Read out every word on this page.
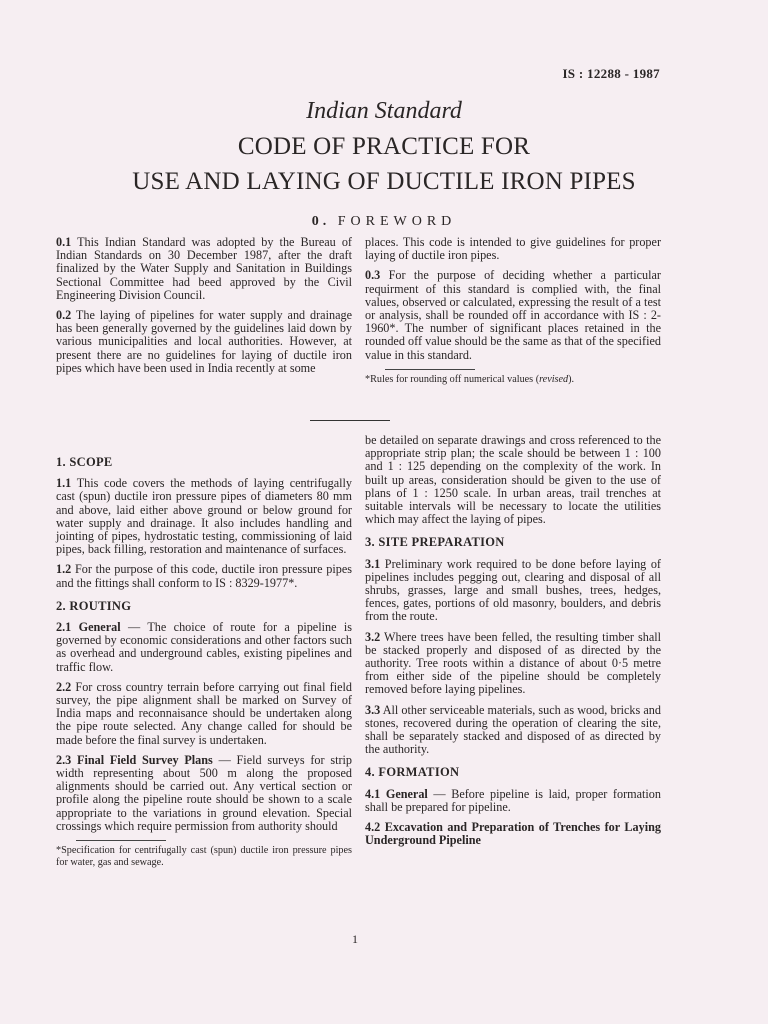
IS : 12288 - 1987

Indian Standard

CODE OF PRACTICE FOR
USE AND LAYING OF DUCTILE IRON PIPES
0. FOREWORD

0.1 This Indian Standard was adopted by the Bureau of Indian Standards on 30 December 1987, after the draft finalized by the Water Supply and Sanitation in Buildings Sectional Committee had beed approved by the Civil Engineering Division Council.

0.2 The laying of pipelines for water supply and drainage has been generally governed by the guidelines laid down by various municipalities and local authorities. However, at present there are no guidelines for laying of ductile iron pipes which have been used in India recently at some

places. This code is intended to give guidelines for proper laying of ductile iron pipes.

0.3 For the purpose of deciding whether a particular requirment of this standard is complied with, the final values, observed or calculated, expressing the result of a test or analysis, shall be rounded off in accordance with IS : 2-1960*. The number of significant places retained in the rounded off value should be the same as that of the specified value in this standard.

*Rules for rounding off numerical values (revised).
1. SCOPE

1.1 This code covers the methods of laying centrifugally cast (spun) ductile iron pressure pipes of diameters 80 mm and above, laid either above ground or below ground for water supply and drainage. It also includes handling and jointing of pipes, hydrostatic testing, commissioning of laid pipes, back filling, restoration and maintenance of surfaces.

1.2 For the purpose of this code, ductile iron pressure pipes and the fittings shall conform to IS : 8329-1977*.

2. ROUTING

2.1 General — The choice of route for a pipeline is governed by economic considerations and other factors such as overhead and underground cables, existing pipelines and traffic flow.

2.2 For cross country terrain before carrying out final field survey, the pipe alignment shall be marked on Survey of India maps and reconnaisance should be undertaken along the pipe route selected. Any change called for should be made before the final survey is undertaken.

2.3 Final Field Survey Plans — Field surveys for strip width representing about 500 m along the proposed alignments should be carried out. Any vertical section or profile along the pipeline route should be shown to a scale appropriate to the variations in ground elevation. Special crossings which require permission from authority should

*Specification for centrifugally cast (spun) ductile iron pressure pipes for water, gas and sewage.

be detailed on separate drawings and cross referenced to the appropriate strip plan; the scale should be between 1 : 100 and 1 : 125 depending on the complexity of the work. In built up areas, consideration should be given to the use of plans of 1 : 1250 scale. In urban areas, trail trenches at suitable intervals will be necessary to locate the utilities which may affect the laying of pipes.

3. SITE PREPARATION

3.1 Preliminary work required to be done before laying of pipelines includes pegging out, clearing and disposal of all shrubs, grasses, large and small bushes, trees, hedges, fences, gates, portions of old masonry, boulders, and debris from the route.

3.2 Where trees have been felled, the resulting timber shall be stacked properly and disposed of as directed by the authority. Tree roots within a distance of about 0·5 metre from either side of the pipeline should be completely removed before laying pipelines.

3.3 All other serviceable materials, such as wood, bricks and stones, recovered during the operation of clearing the site, shall be separately stacked and disposed of as directed by the authority.

4. FORMATION

4.1 General — Before pipeline is laid, proper formation shall be prepared for pipeline.

4.2 Excavation and Preparation of Trenches for Laying Underground Pipeline

1
